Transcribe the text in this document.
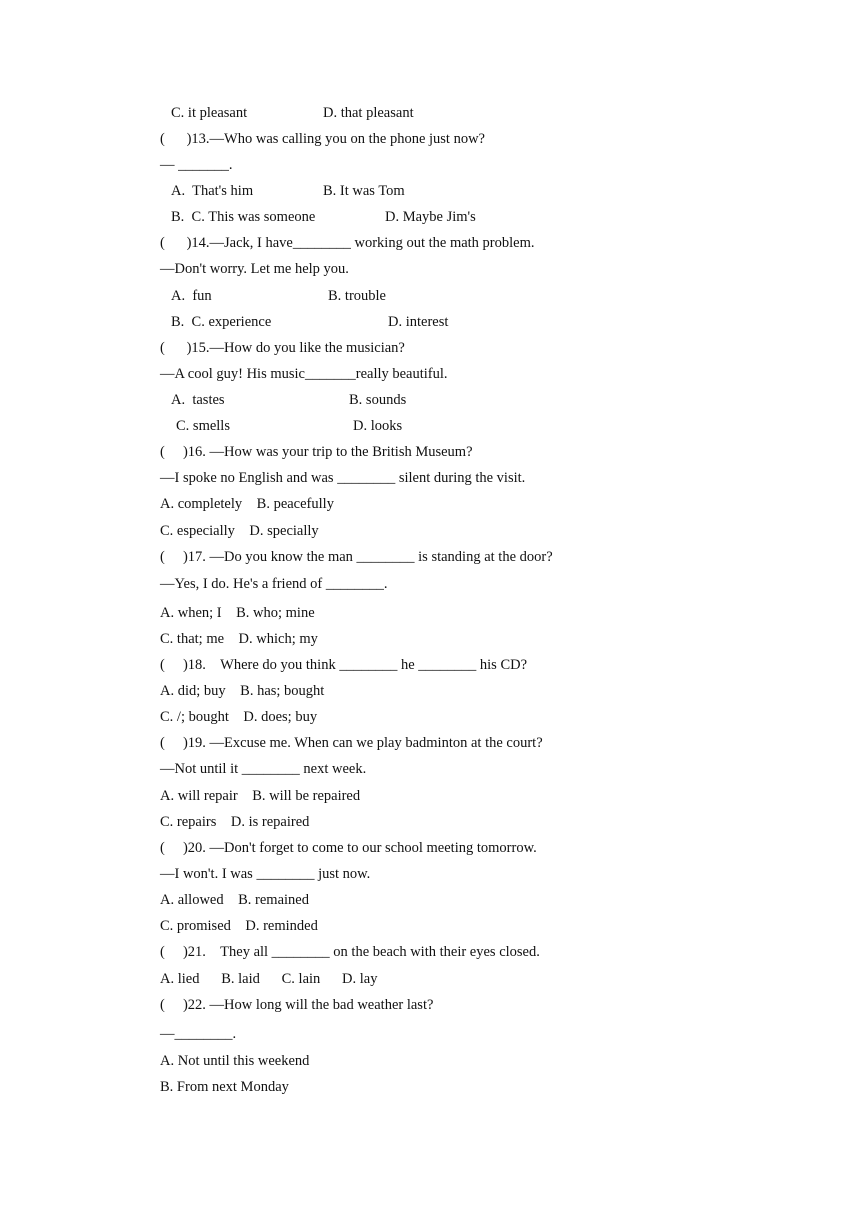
C. it pleasant	D. that pleasant
(      )13.—Who was calling you on the phone just now?
— _______.
A.  That's him	B. It was Tom
B.  C. This was someone	D. Maybe Jim's
(      )14.—Jack, I have________ working out the math problem.
—Don't worry. Let me help you.
A.  fun	B. trouble
B.  C. experience	D. interest
(      )15.—How do you like the musician?
—A cool guy! His music_______really beautiful.
A.  tastes	B. sounds
C. smells	D. looks
(     )16. —How was your trip to the British Museum?
—I spoke no English and was ________ silent during the visit.
A. completely    B. peacefully
C. especially    D. specially
(     )17. —Do you know the man ________ is standing at the door?
—Yes, I do. He's a friend of ________.
A. when; I    B. who; mine
C. that; me    D. which; my
(     )18.    Where do you think ________ he ________ his CD?
A. did; buy    B. has; bought
C. /; bought    D. does; buy
(     )19. —Excuse me. When can we play badminton at the court?
—Not until it ________ next week.
A. will repair    B. will be repaired
C. repairs    D. is repaired
(     )20. —Don't forget to come to our school meeting tomorrow.
—I won't. I was ________ just now.
A. allowed    B. remained
C. promised    D. reminded
(     )21.    They all ________ on the beach with their eyes closed.
A. lied      B. laid      C. lain      D. lay
(     )22. —How long will the bad weather last?
—________.
A. Not until this weekend
B. From next Monday
